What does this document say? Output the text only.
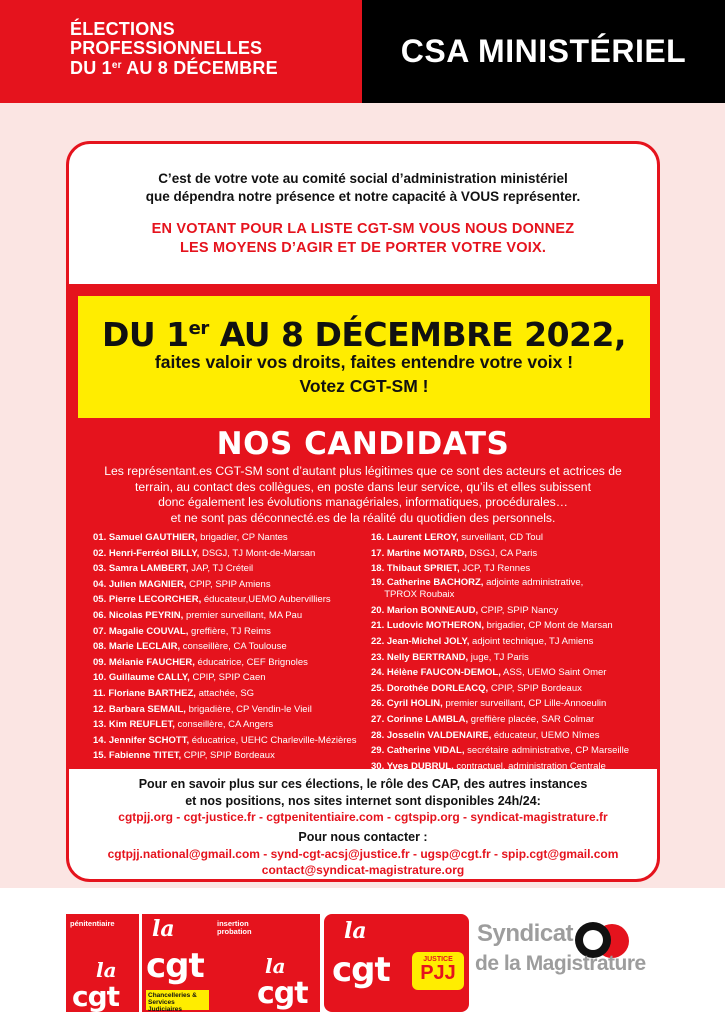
ÉLECTIONS
PROFESSIONNELLES
DU 1er AU 8 DÉCEMBRE	CSA MINISTÉRIEL
C’est de votre vote au comité social d’administration ministériel
que dépendra notre présence et notre capacité à VOUS représenter.
EN VOTANT POUR LA LISTE CGT-SM VOUS NOUS DONNEZ
LES MOYENS D’AGIR ET DE PORTER VOTRE VOIX.
DU 1er AU 8 DÉCEMBRE 2022,
faites valoir vos droits, faites entendre votre voix !
Votez CGT-SM !
NOS CANDIDATS
Les représentant.es CGT-SM sont d’autant plus légitimes que ce sont des acteurs et actrices de
terrain, au contact des collègues, en poste dans leur service, qu’ils et elles subissent
donc également les évolutions managériales, informatiques, procédurales…
et ne sont pas déconnecté.es de la réalité du quotidien des personnels.
01. Samuel GAUTHIER, brigadier, CP Nantes
02. Henri-Ferréol BILLY, DSGJ, TJ Mont-de-Marsan
03. Samra LAMBERT, JAP, TJ Créteil
04. Julien MAGNIER, CPIP, SPIP Amiens
05. Pierre LECORCHER, éducateur,UEMO Aubervilliers
06. Nicolas PEYRIN, premier surveillant, MA Pau
07. Magalie COUVAL, greffière, TJ Reims
08. Marie LECLAIR, conseillère, CA Toulouse
09. Mélanie FAUCHER, éducatrice, CEF Brignoles
10. Guillaume CALLY, CPIP, SPIP Caen
11. Floriane BARTHEZ, attachée, SG
12. Barbara SEMAIL, brigadière, CP Vendin-le Vieil
13. Kim REUFLET, conseillère, CA Angers
14. Jennifer SCHOTT, éducatrice, UEHC Charleville-Mézières
15. Fabienne TITET, CPIP, SPIP Bordeaux
16. Laurent LEROY, surveillant, CD Toul
17. Martine MOTARD, DSGJ, CA Paris
18. Thibaut SPRIET, JCP, TJ Rennes
19. Catherine BACHORZ, adjointe administrative,
TPROX Roubaix
20. Marion BONNEAUD, CPIP, SPIP Nancy
21. Ludovic MOTHERON, brigadier, CP Mont de Marsan
22. Jean-Michel JOLY, adjoint technique, TJ Amiens
23. Nelly BERTRAND, juge, TJ Paris
24. Hélène FAUCON-DEMOL, ASS, UEMO Saint Omer
25. Dorothée DORLEACQ, CPIP, SPIP Bordeaux
26. Cyril HOLIN, premier surveillant, CP Lille-Annoeulin
27. Corinne LAMBLA, greffière placée, SAR Colmar
28. Josselin VALDENAIRE, éducateur, UEMO Nîmes
29. Catherine VIDAL, secrétaire administrative, CP Marseille
30. Yves DUBRUL, contractuel, administration Centrale
Pour en savoir plus sur ces élections, le rôle des CAP, des autres instances
et nos positions, nos sites internet sont disponibles 24h/24:
cgtpjj.org - cgt-justice.fr - cgtpenitentiaire.com - cgtspip.org - syndicat-magistrature.fr
Pour nous contacter :
cgtpjj.national@gmail.com - synd-cgt-acsj@justice.fr - ugsp@cgt.fr - spip.cgt@gmail.com
contact@syndicat-magistrature.org
pénitentiaire
la
cgt
la
cgt
Chancelleries & Services Judiciaires
insertion
probation
la
cgt
la
cgt	JUSTICE
PJJ
Syndicat
de la Magistrature
